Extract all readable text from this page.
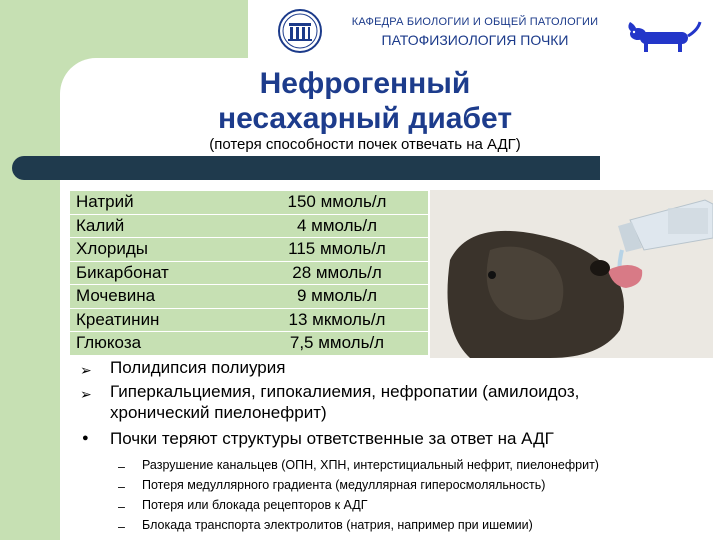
КАФЕДРА БИОЛОГИИ И ОБЩЕЙ ПАТОЛОГИИ
ПАТОФИЗИОЛОГИЯ ПОЧКИ
Нефрогенный
несахарный диабет
(потеря способности почек отвечать на АДГ)
Натрий	150 ммоль/л
Калий	4 ммоль/л
Хлориды	115 ммоль/л
Бикарбонат	28 ммоль/л
Мочевина	9 ммоль/л
Креатинин	13 мкмоль/л
Глюкоза	7,5 ммоль/л
➢ Полидипсия полиурия
➢ Гиперкальциемия, гипокалиемия, нефропатии (амилоидоз,
хронический пиелонефрит)
● Почки теряют структуры ответственные за ответ на АДГ
– Разрушение канальцев (ОПН, ХПН, интерстициальный нефрит, пиелонефрит)
– Потеря медуллярного градиента (медуллярная гиперосмоляльность)
– Потеря или блокада рецепторов к АДГ
– Блокада транспорта электролитов (натрия, например при ишемии)
